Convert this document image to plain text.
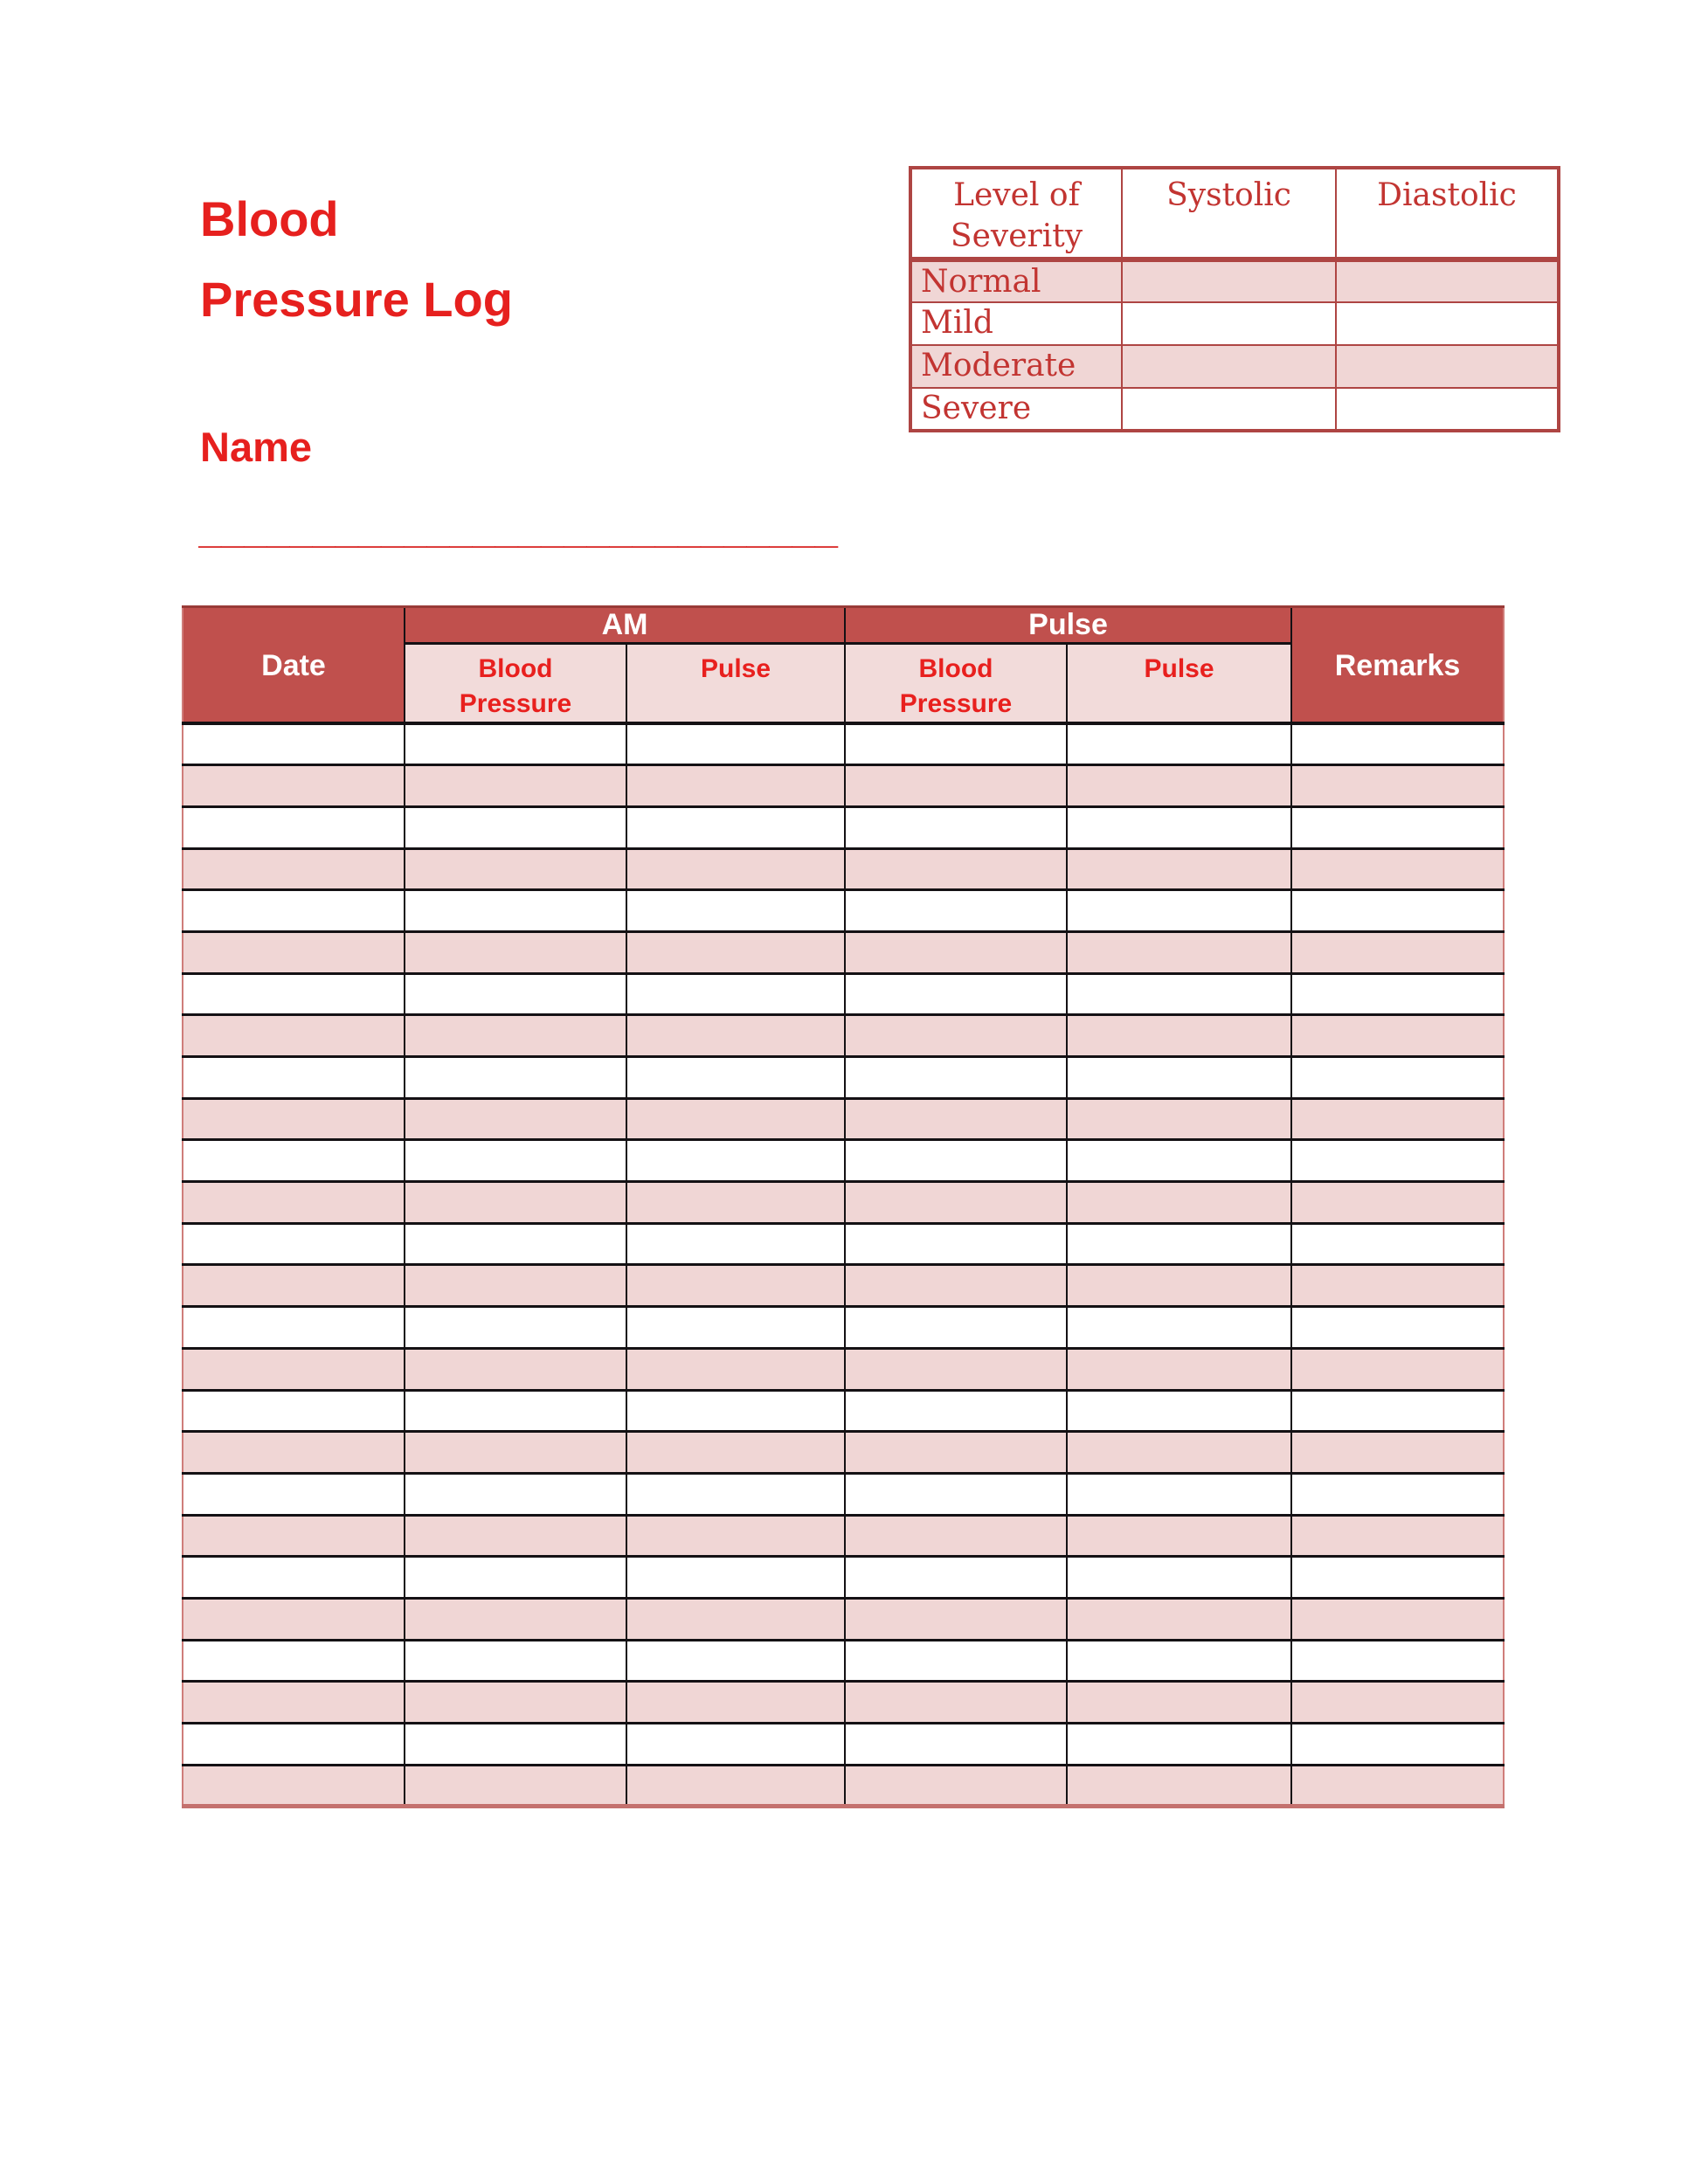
Blood
Pressure Log
Name
____________________________
Level of Severity	Systolic	Diastolic
Normal		
Mild		
Moderate		
Severe		
Date	AM		Pulse		Remarks
	Blood Pressure	Pulse	Blood Pressure	Pulse	
